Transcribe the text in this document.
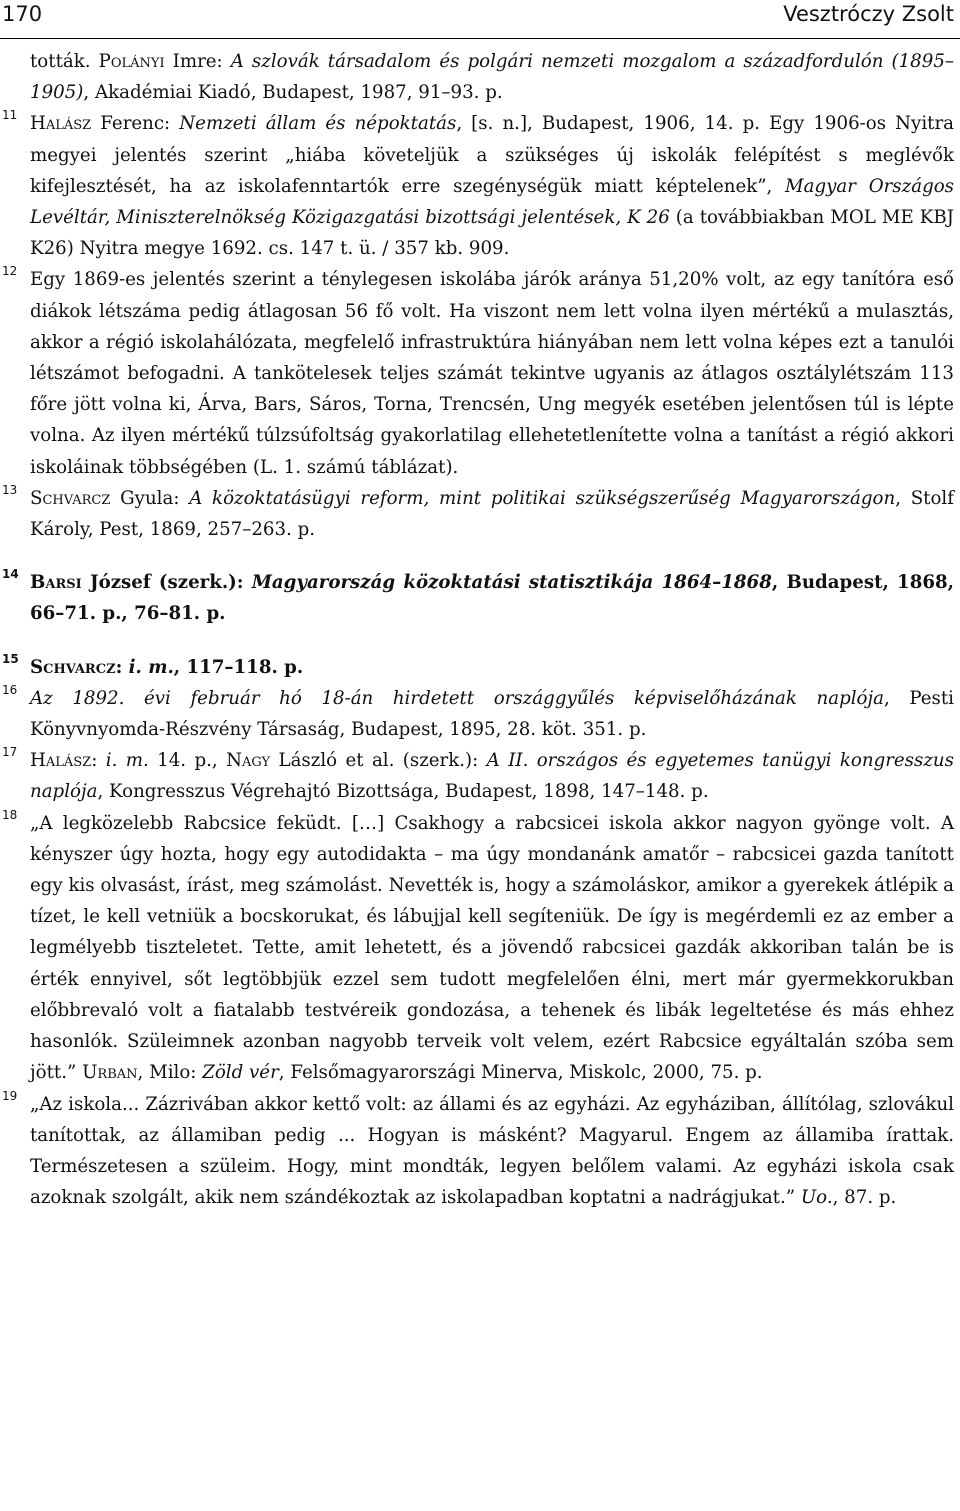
170	Vesztróczy Zsolt

tották. Polányi Imre: A szlovák társadalom és polgári nemzeti mozgalom a századfordulón (1895–1905), Akadémiai Kiadó, Budapest, 1987, 91–93. p.

11 Halász Ferenc: Nemzeti állam és népoktatás, [s. n.], Budapest, 1906, 14. p. Egy 1906-os Nyitra megyei jelentés szerint „hiába követeljük a szükséges új iskolák felépítést s meglévők kifejlesztését, ha az iskolafenntartók erre szegénységük miatt képtelenek”, Magyar Országos Levéltár, Miniszterelnökség Közigazgatási bizottsági jelentések, K 26 (a továbbiakban MOL ME KBJ K26) Nyitra megye 1692. cs. 147 t. ü. / 357 kb. 909.

12 Egy 1869-es jelentés szerint a ténylegesen iskolába járók aránya 51,20% volt, az egy tanítóra eső diákok létszáma pedig átlagosan 56 fő volt. Ha viszont nem lett volna ilyen mértékű a mulasztás, akkor a régió iskolahálózata, megfelelő infrastruktúra hiányában nem lett volna képes ezt a tanulói létszámot befogadni. A tankötelesek teljes számát tekintve ugyanis az átlagos osztálylétszám 113 főre jött volna ki, Árva, Bars, Sáros, Torna, Trencsén, Ung megyék esetében jelentősen túl is lépte volna. Az ilyen mértékű túlzsúfoltság gyakorlatilag ellehetetlenítette volna a tanítást a régió akkori iskoláinak többségében (L. 1. számú táblázat).

13 Schvarcz Gyula: A közoktatásügyi reform, mint politikai szükségszerűség Magyarországon, Stolf Károly, Pest, 1869, 257–263. p.

14 Barsi József (szerk.): Magyarország közoktatási statisztikája 1864–1868, Budapest, 1868, 66–71. p., 76–81. p.

15 Schvarcz: i. m., 117–118. p.

16 Az 1892. évi február hó 18-án hirdetett országgyűlés képviselőházának naplója, Pesti Könyvnyomda-Részvény Társaság, Budapest, 1895, 28. köt. 351. p.

17 Halász: i. m. 14. p., Nagy László et al. (szerk.): A II. országos és egyetemes tanügyi kongresszus naplója, Kongresszus Végrehajtó Bizottsága, Budapest, 1898, 147–148. p.

18 „A legközelebb Rabcsice feküdt. […] Csakhogy a rabcsicei iskola akkor nagyon gyönge volt. A kényszer úgy hozta, hogy egy autodidakta – ma úgy mondanánk amatőr – rabcsicei gazda tanított egy kis olvasást, írást, meg számolást. Nevették is, hogy a számoláskor, amikor a gyerekek átlépik a tízet, le kell vetniük a bocskorukat, és lábujjal kell segíteniük. De így is megérdemli ez az ember a legmélyebb tiszteletet. Tette, amit lehetett, és a jövendő rabcsicei gazdák akkoriban talán be is érték ennyivel, sőt legtöbbjük ezzel sem tudott megfelelően élni, mert már gyermekkorukban előbbrevaló volt a fiatalabb testvéreik gondozása, a tehenek és libák legeltetése és más ehhez hasonlók. Szüleimnek azonban nagyobb terveik volt velem, ezért Rabcsice egyáltalán szóba sem jött.” Urban, Milo: Zöld vér, Felsőmagyarországi Minerva, Miskolc, 2000, 75. p.

19 „Az iskola... Zázrivában akkor kettő volt: az állami és az egyházi. Az egyháziban, állítólag, szlovákul tanítottak, az államiban pedig ... Hogyan is másként? Magyarul. Engem az államiba írattak. Természetesen a szüleim. Hogy, mint mondták, legyen belőlem valami. Az egyházi iskola csak azoknak szolgált, akik nem szándékoztak az iskolapadban koptatni a nadrágjukat.” Uo., 87. p.
